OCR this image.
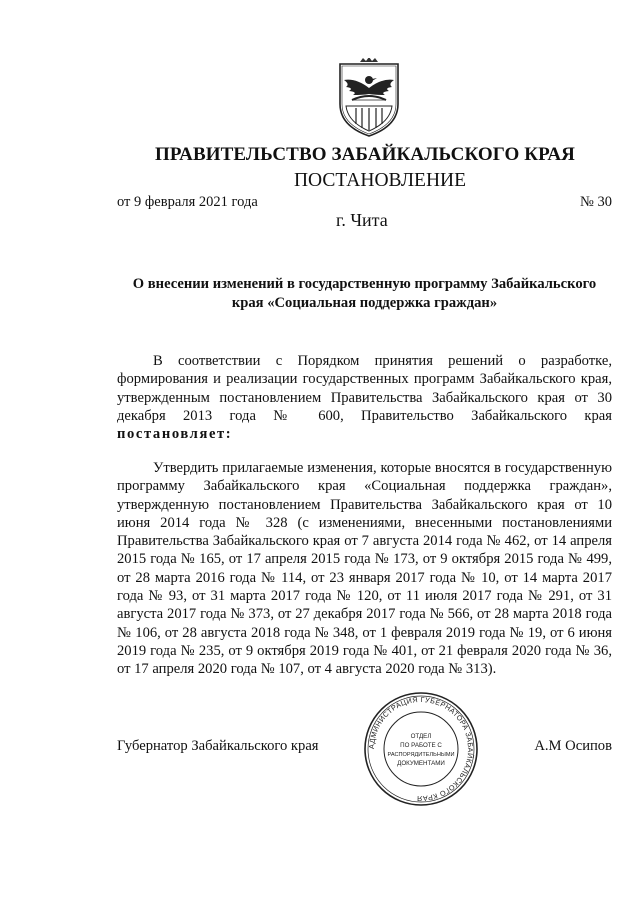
ПРАВИТЕЛЬСТВО ЗАБАЙКАЛЬСКОГО КРАЯ
ПОСТАНОВЛЕНИЕ
от 9 февраля 2021 года	№ 30
г. Чита
О внесении изменений в государственную программу Забайкальского края «Социальная поддержка граждан»

В соответствии с Порядком принятия решений о разработке, формирования и реализации государственных программ Забайкальского края, утвержденным постановлением Правительства Забайкальского края от 30 декабря 2013 года № 600, Правительство Забайкальского края постановляет:

Утвердить прилагаемые изменения, которые вносятся в государственную программу Забайкальского края «Социальная поддержка граждан», утвержденную постановлением Правительства Забайкальского края от 10 июня 2014 года № 328 (с изменениями, внесенными постановлениями Правительства Забайкальского края от 7 августа 2014 года № 462, от 14 апреля 2015 года № 165, от 17 апреля 2015 года № 173, от 9 октября 2015 года № 499, от 28 марта 2016 года № 114, от 23 января 2017 года № 10, от 14 марта 2017 года № 93, от 31 марта 2017 года № 120, от 11 июля 2017 года № 291, от 31 августа 2017 года № 373, от 27 декабря 2017 года № 566, от 28 марта 2018 года № 106, от 28 августа 2018 года № 348, от 1 февраля 2019 года № 19, от 6 июня 2019 года № 235, от 9 октября 2019 года № 401, от 21 февраля 2020 года № 36, от 17 апреля 2020 года № 107, от 4 августа 2020 года № 313).

Губернатор Забайкальского края	А.М Осипов
АДМИНИСТРАЦИЯ ГУБЕРНАТОРА ЗАБАЙКАЛЬСКОГО КРАЯ
ОТДЕЛ
ПО РАБОТЕ С
РАСПОРЯДИТЕЛЬНЫМИ
ДОКУМЕНТАМИ
